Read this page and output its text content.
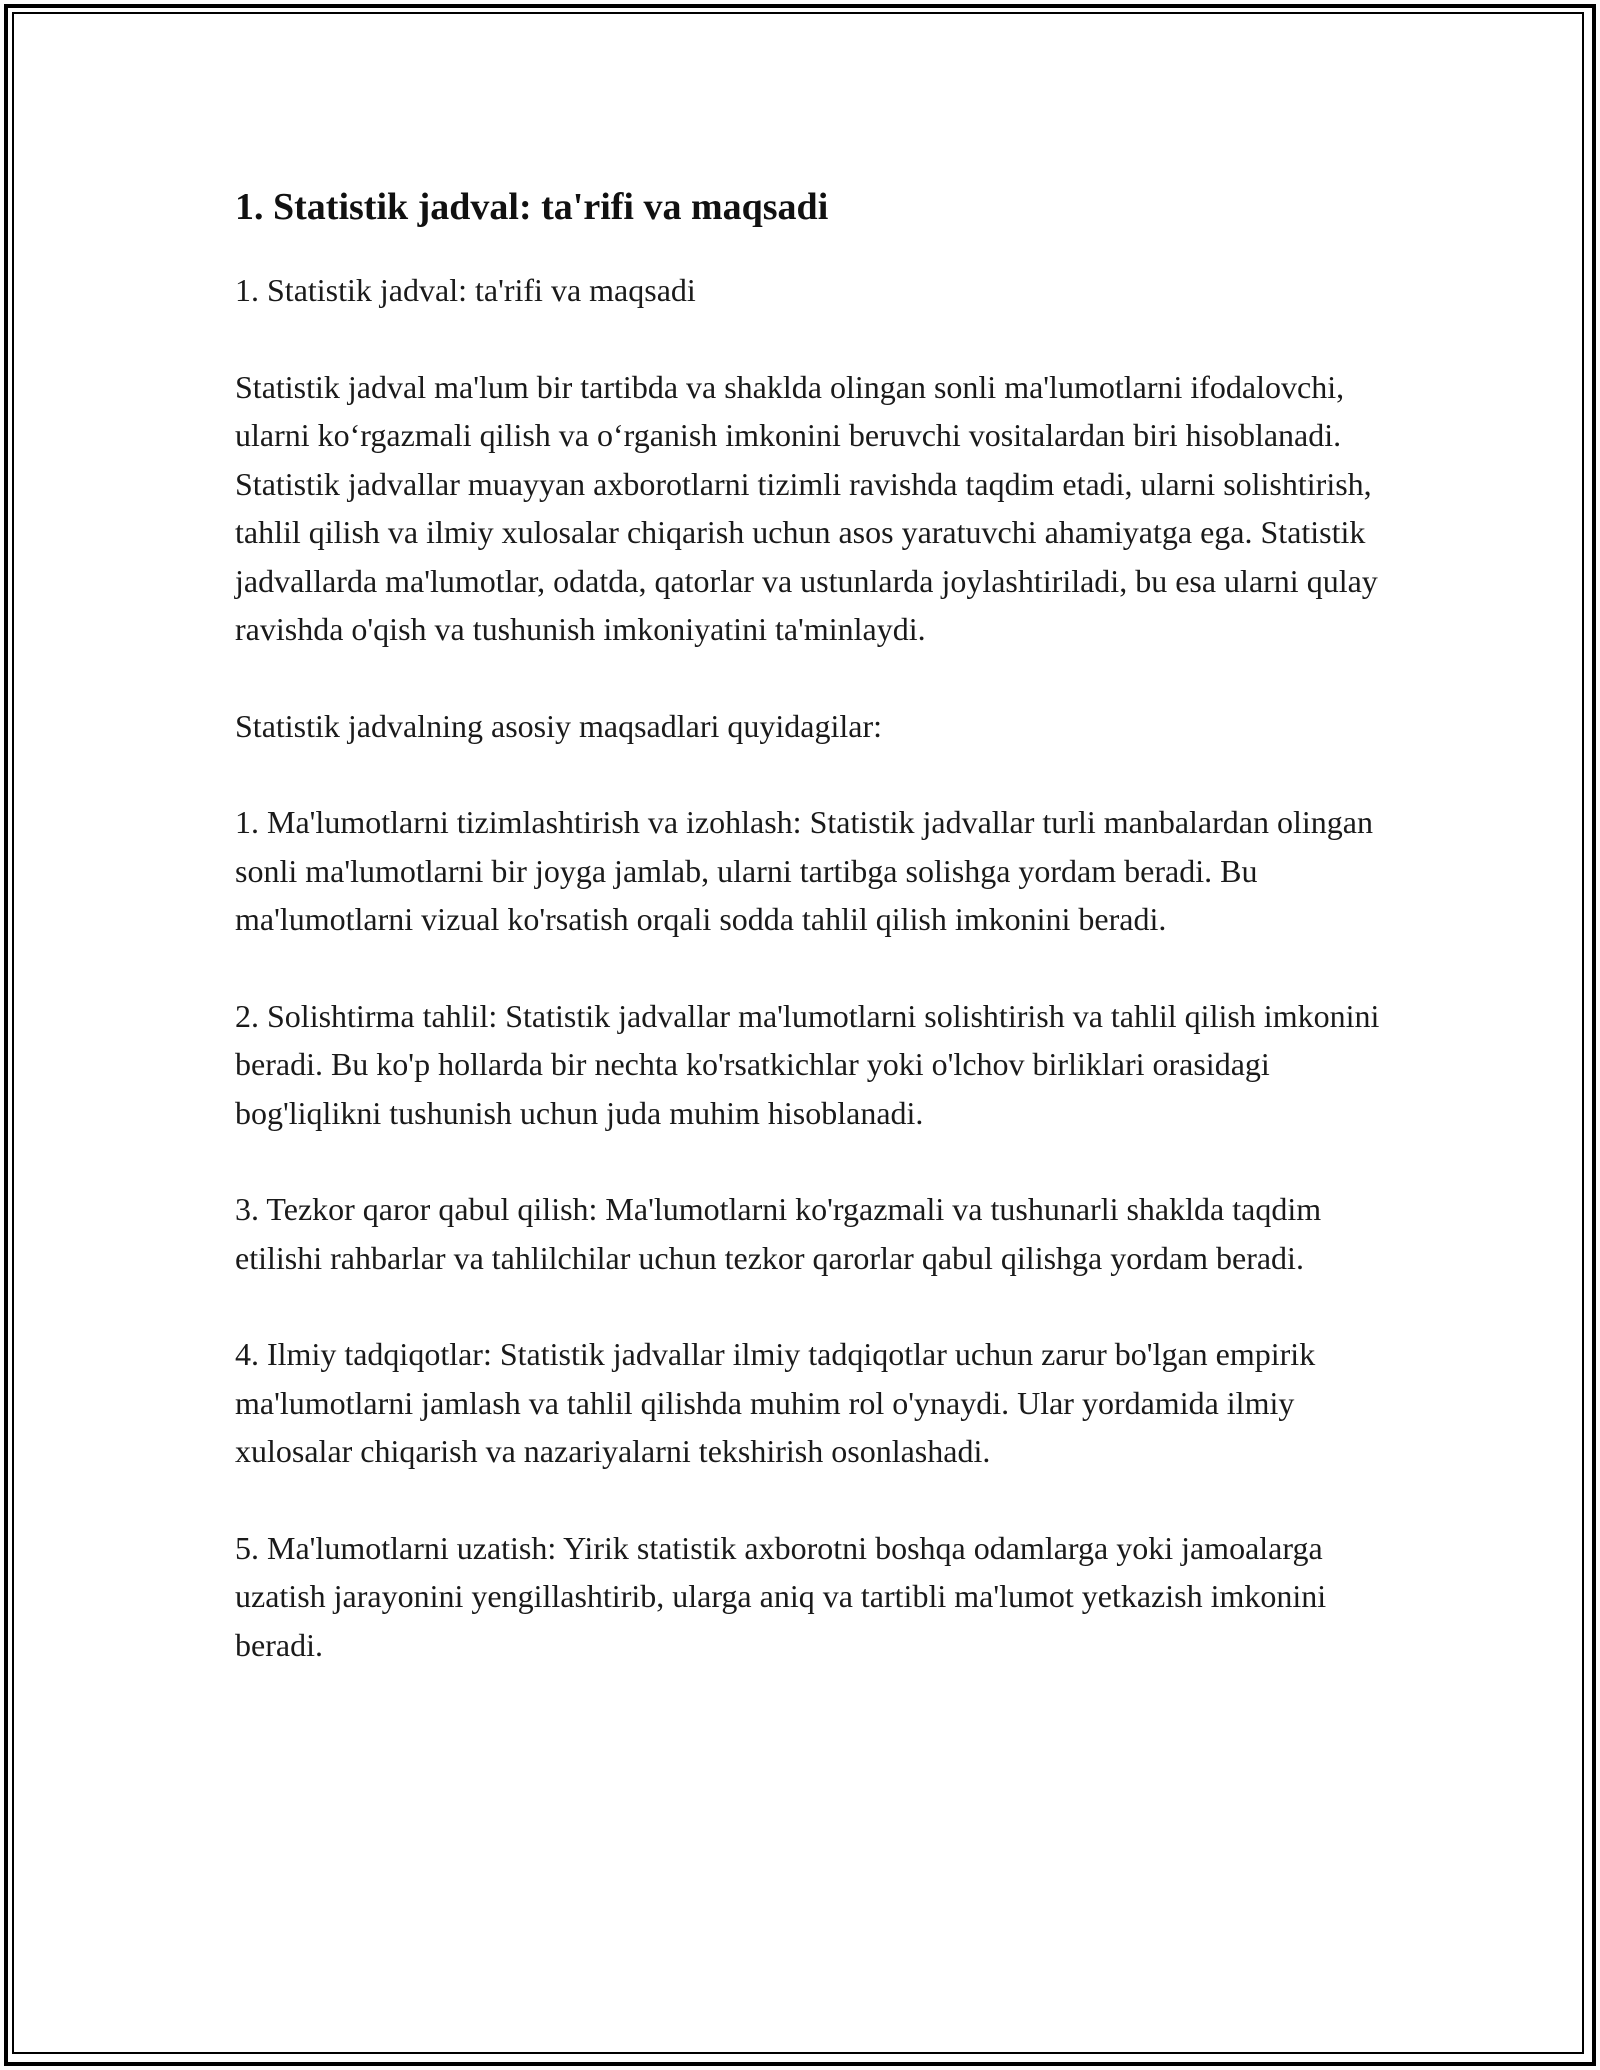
1. Statistik jadval: ta'rifi va maqsadi

1. Statistik jadval: ta'rifi va maqsadi

Statistik jadval ma'lum bir tartibda va shaklda olingan sonli ma'lumotlarni ifodalovchi, ularni ko‘rgazmali qilish va o‘rganish imkonini beruvchi vositalardan biri hisoblanadi. Statistik jadvallar muayyan axborotlarni tizimli ravishda taqdim etadi, ularni solishtirish, tahlil qilish va ilmiy xulosalar chiqarish uchun asos yaratuvchi ahamiyatga ega. Statistik jadvallarda ma'lumotlar, odatda, qatorlar va ustunlarda joylashtiriladi, bu esa ularni qulay ravishda o'qish va tushunish imkoniyatini ta'minlaydi.

Statistik jadvalning asosiy maqsadlari quyidagilar:

1. Ma'lumotlarni tizimlashtirish va izohlash: Statistik jadvallar turli manbalardan olingan sonli ma'lumotlarni bir joyga jamlab, ularni tartibga solishga yordam beradi. Bu ma'lumotlarni vizual ko'rsatish orqali sodda tahlil qilish imkonini beradi.

2. Solishtirma tahlil: Statistik jadvallar ma'lumotlarni solishtirish va tahlil qilish imkonini beradi. Bu ko'p hollarda bir nechta ko'rsatkichlar yoki o'lchov birliklari orasidagi bog'liqlikni tushunish uchun juda muhim hisoblanadi.

3. Tezkor qaror qabul qilish: Ma'lumotlarni ko'rgazmali va tushunarli shaklda taqdim etilishi rahbarlar va tahlilchilar uchun tezkor qarorlar qabul qilishga yordam beradi.

4. Ilmiy tadqiqotlar: Statistik jadvallar ilmiy tadqiqotlar uchun zarur bo'lgan empirik ma'lumotlarni jamlash va tahlil qilishda muhim rol o'ynaydi. Ular yordamida ilmiy xulosalar chiqarish va nazariyalarni tekshirish osonlashadi.

5. Ma'lumotlarni uzatish: Yirik statistik axborotni boshqa odamlarga yoki jamoalarga uzatish jarayonini yengillashtirib, ularga aniq va tartibli ma'lumot yetkazish imkonini beradi.
